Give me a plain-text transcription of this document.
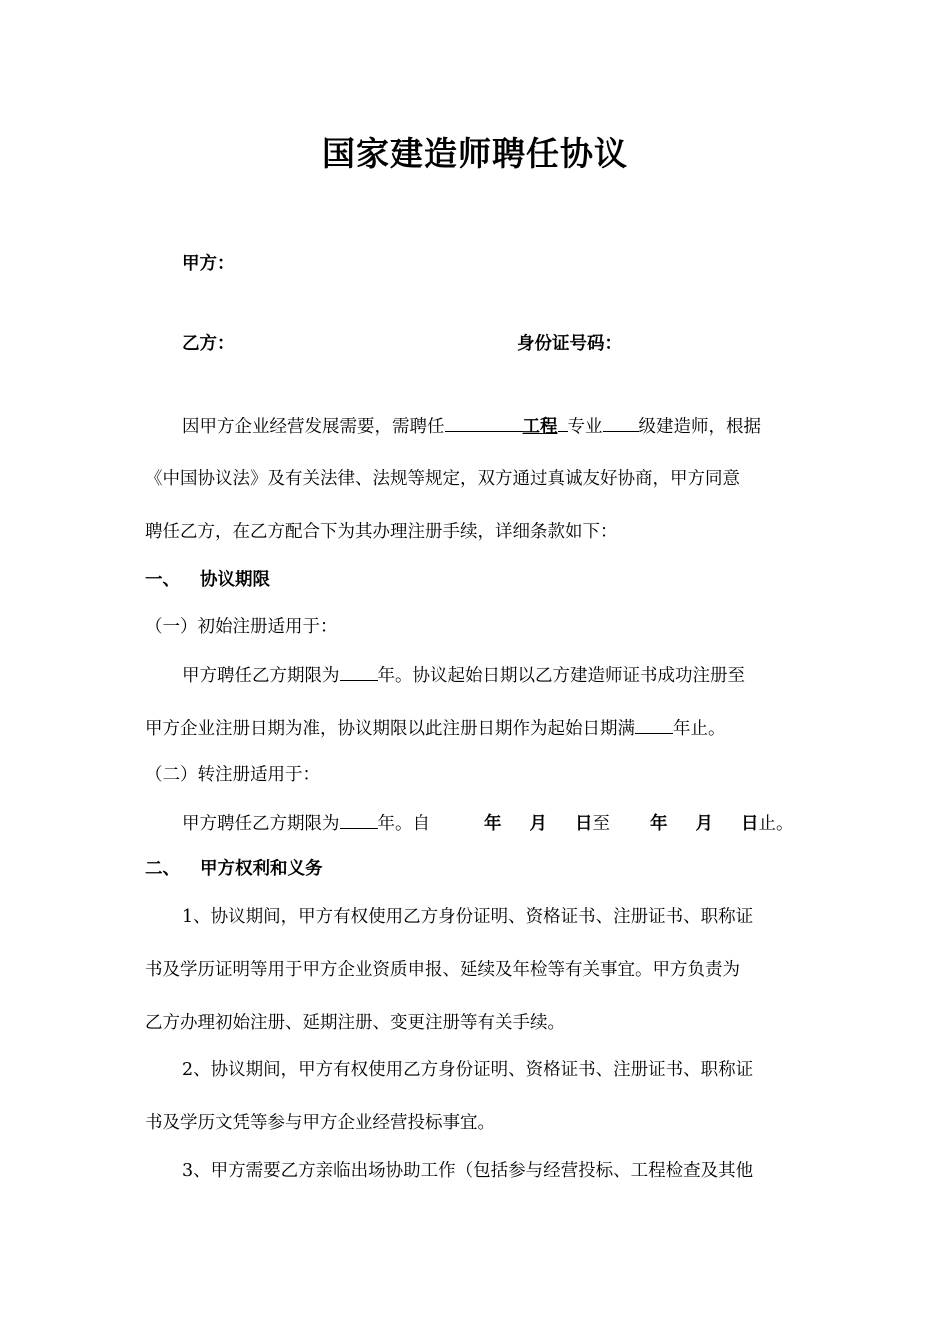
国家建造师聘任协议
甲方：
乙方：	身份证号码：
因甲方企业经营发展需要，需聘任	工程 专业 级建造师，根据
《中国协议法》及有关法律、法规等规定，双方通过真诚友好协商，甲方同意
聘任乙方，在乙方配合下为其办理注册手续，详细条款如下：
一、 协议期限
（一）初始注册适用于：
甲方聘任乙方期限为 年。协议起始日期以乙方建造师证书成功注册至
甲方企业注册日期为准，协议期限以此注册日期作为起始日期满 年止。
（二）转注册适用于：
甲方聘任乙方期限为 年。自	年 月 日至 年 月 日止。
二、 甲方权利和义务
1、协议期间，甲方有权使用乙方身份证明、资格证书、注册证书、职称证
书及学历证明等用于甲方企业资质申报、延续及年检等有关事宜。甲方负责为
乙方办理初始注册、延期注册、变更注册等有关手续。
2、协议期间，甲方有权使用乙方身份证明、资格证书、注册证书、职称证
书及学历文凭等参与甲方企业经营投标事宜。
3、甲方需要乙方亲临出场协助工作（包括参与经营投标、工程检查及其他
